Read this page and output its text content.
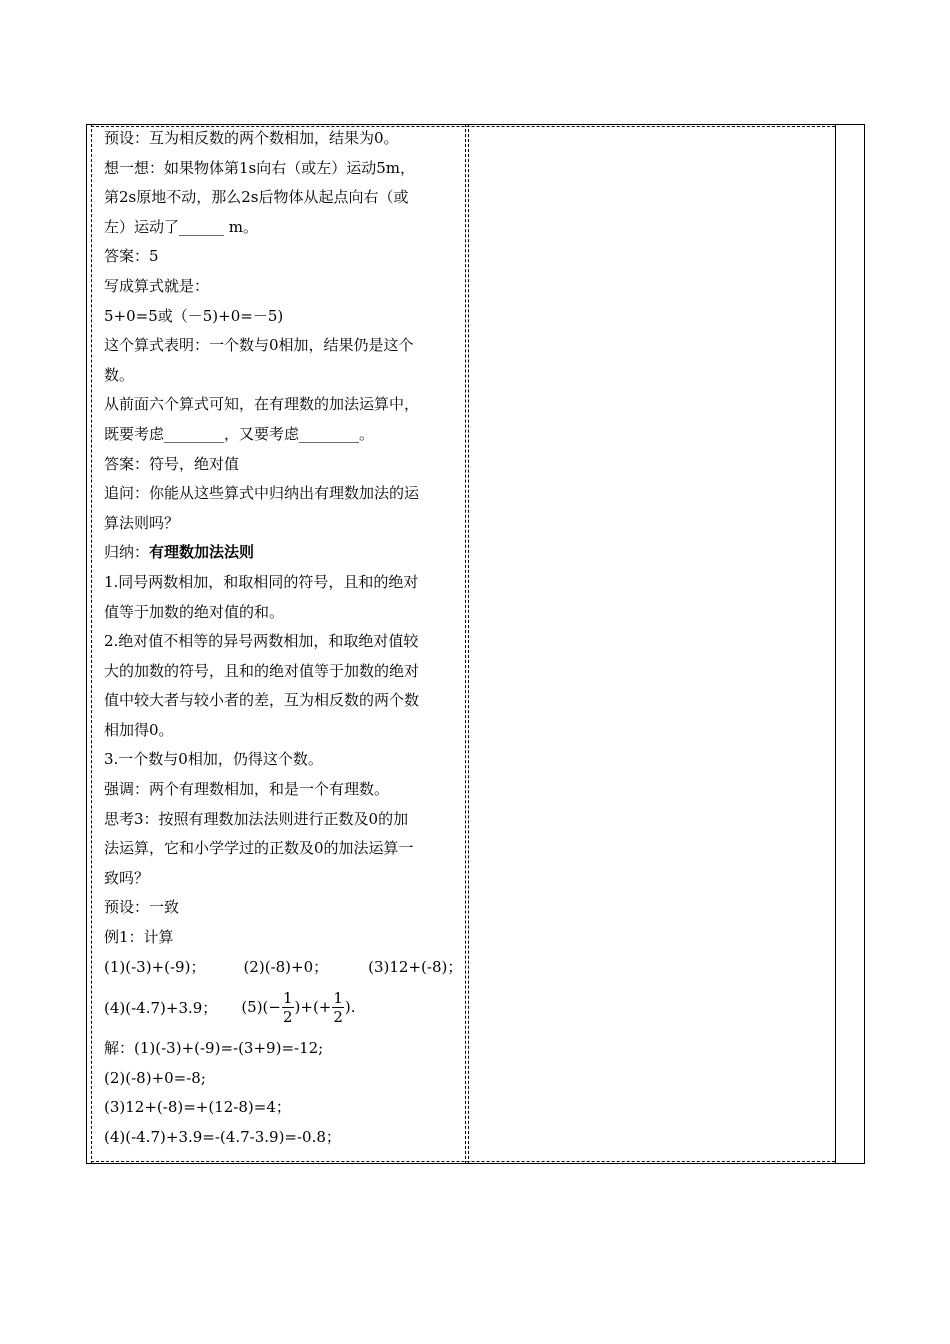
预设：互为相反数的两个数相加，结果为0。
想一想：如果物体第1s向右（或左）运动5m，
第2s原地不动，那么2s后物体从起点向右（或
左）运动了______ m。
答案：5
写成算式就是：
5+0=5或（－5)+0=－5)
这个算式表明：一个数与0相加，结果仍是这个
数。
从前面六个算式可知，在有理数的加法运算中，
既要考虑________，又要考虑________。
答案：符号，绝对值
追问：你能从这些算式中归纳出有理数加法的运
算法则吗？
归纳：有理数加法法则
1.同号两数相加，和取相同的符号，且和的绝对
值等于加数的绝对值的和。
2.绝对值不相等的异号两数相加，和取绝对值较
大的加数的符号，且和的绝对值等于加数的绝对
值中较大者与较小者的差，互为相反数的两个数
相加得0。
3.一个数与0相加，仍得这个数。
强调：两个有理数相加，和是一个有理数。
思考3：按照有理数加法法则进行正数及0的加
法运算，它和小学学过的正数及0的加法运算一
致吗？
预设：一致
例1：计算
(1)(-3)+(-9)；	(2)(-8)+0；	(3)12+(-8)；
(4)(-4.7)+3.9； $(5)(- \frac{1}{2}$ )+(+ $\frac{1}{2}$ ).
解：(1)(-3)+(-9)=-(3+9)=-12;
(2)(-8)+0=-8;
(3)12+(-8)=+(12-8)=4；
(4)(-4.7)+3.9=-(4.7-3.9)=-0.8；
